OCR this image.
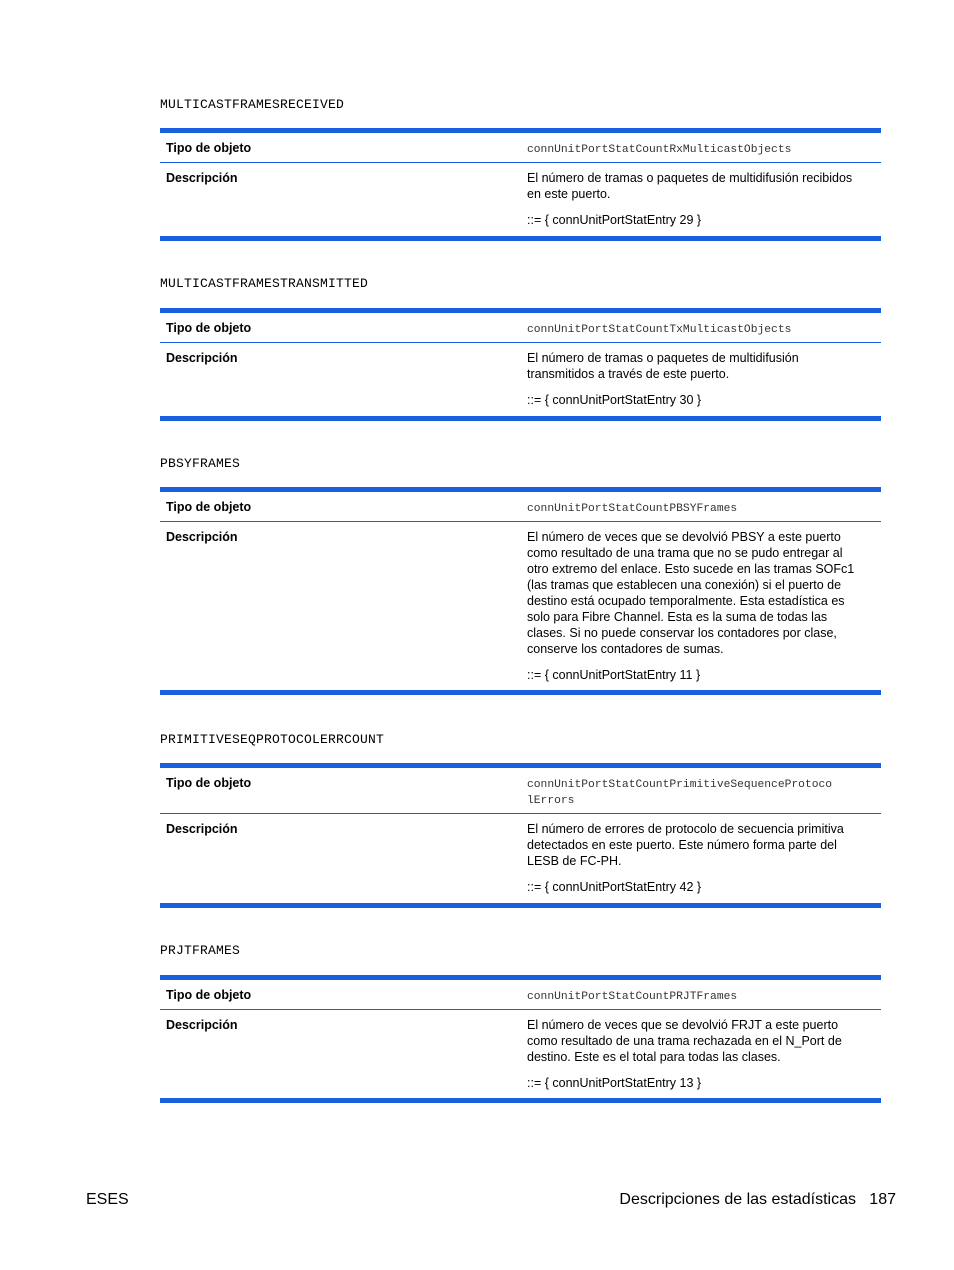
MULTICASTFRAMESRECEIVED
Tipo de objeto	connUnitPortStatCountRxMulticastObjects
Descripción	El número de tramas o paquetes de multidifusión recibidos

en este puerto.

::= { connUnitPortStatEntry 29 }

MULTICASTFRAMESTRANSMITTED
Tipo de objeto	connUnitPortStatCountTxMulticastObjects
Descripción	El número de tramas o paquetes de multidifusión

transmitidos a través de este puerto.

::= { connUnitPortStatEntry 30 }

PBSYFRAMES
Tipo de objeto	connUnitPortStatCountPBSYFrames
Descripción	El número de veces que se devolvió PBSY a este puerto

como resultado de una trama que no se pudo entregar al

otro extremo del enlace. Esto sucede en las tramas SOFc1

(las tramas que establecen una conexión) si el puerto de

destino está ocupado temporalmente. Esta estadística es

solo para Fibre Channel. Esta es la suma de todas las

clases. Si no puede conservar los contadores por clase,

conserve los contadores de sumas.

::= { connUnitPortStatEntry 11 }

PRIMITIVESEQPROTOCOLERRCOUNT
Tipo de objeto	connUnitPortStatCountPrimitiveSequenceProtoco
lErrors
Descripción	El número de errores de protocolo de secuencia primitiva

detectados en este puerto. Este número forma parte del

LESB de FC-PH.

::= { connUnitPortStatEntry 42 }

PRJTFRAMES
Tipo de objeto	connUnitPortStatCountPRJTFrames
Descripción	El número de veces que se devolvió FRJT a este puerto

como resultado de una trama rechazada en el N_Port de

destino. Este es el total para todas las clases.

::= { connUnitPortStatEntry 13 }

ESES	Descripciones de las estadísticas   187
